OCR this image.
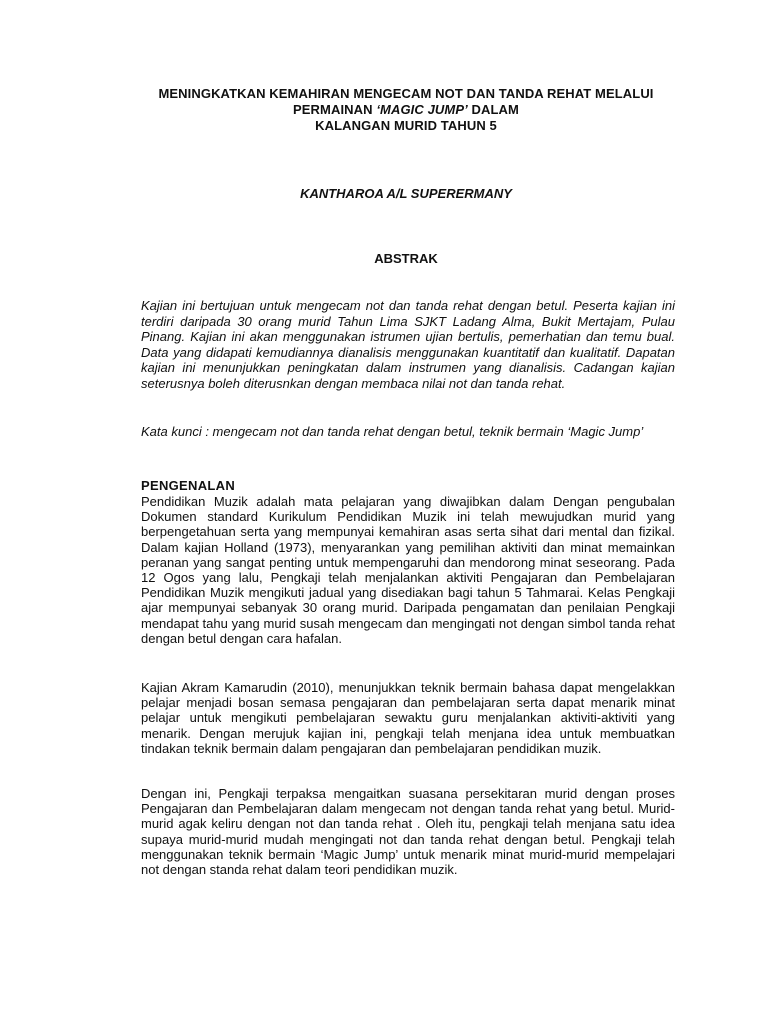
MENINGKATKAN KEMAHIRAN MENGECAM NOT DAN TANDA REHAT MELALUI
PERMAINAN ‘MAGIC JUMP’ DALAM
KALANGAN MURID TAHUN 5
KANTHAROA A/L SUPERERMANY
ABSTRAK

Kajian ini bertujuan untuk mengecam not dan tanda rehat dengan betul. Peserta kajian ini terdiri daripada 30 orang murid Tahun Lima SJKT Ladang Alma, Bukit Mertajam, Pulau Pinang. Kajian ini akan menggunakan istrumen ujian bertulis, pemerhatian dan temu bual. Data yang didapati kemudiannya dianalisis menggunakan kuantitatif dan kualitatif. Dapatan kajian ini menunjukkan peningkatan dalam instrumen yang dianalisis. Cadangan kajian seterusnya boleh diterusnkan dengan membaca nilai not dan tanda rehat.

Kata kunci : mengecam not dan tanda rehat dengan betul, teknik bermain ‘Magic Jump’

PENGENALAN

Pendidikan Muzik adalah mata pelajaran yang diwajibkan dalam Dengan pengubalan Dokumen standard Kurikulum Pendidikan Muzik ini telah mewujudkan murid yang berpengetahuan serta yang mempunyai kemahiran asas serta sihat dari mental dan fizikal. Dalam kajian Holland (1973), menyarankan yang pemilihan aktiviti dan minat memainkan peranan yang sangat penting untuk mempengaruhi dan mendorong minat seseorang. Pada 12 Ogos yang lalu, Pengkaji telah menjalankan aktiviti Pengajaran dan Pembelajaran Pendidikan Muzik mengikuti jadual yang disediakan bagi tahun 5 Tahmarai. Kelas Pengkaji ajar mempunyai sebanyak 30 orang murid. Daripada pengamatan dan penilaian Pengkaji mendapat tahu yang murid susah mengecam dan mengingati not dengan simbol tanda rehat dengan betul dengan cara hafalan.

Kajian Akram Kamarudin (2010), menunjukkan teknik bermain bahasa dapat mengelakkan pelajar menjadi bosan semasa pengajaran dan pembelajaran serta dapat menarik minat pelajar untuk mengikuti pembelajaran sewaktu guru menjalankan aktiviti-aktiviti yang menarik. Dengan merujuk kajian ini, pengkaji telah menjana idea untuk membuatkan tindakan teknik bermain dalam pengajaran dan pembelajaran pendidikan muzik.

Dengan ini, Pengkaji terpaksa mengaitkan suasana persekitaran murid dengan proses Pengajaran dan Pembelajaran dalam mengecam not dengan tanda rehat yang betul. Murid-murid agak keliru dengan not dan tanda rehat . Oleh itu, pengkaji telah menjana satu idea supaya murid-murid mudah mengingati not dan tanda rehat dengan betul. Pengkaji telah menggunakan teknik bermain ‘Magic Jump’ untuk menarik minat murid-murid mempelajari not dengan standa rehat dalam teori pendidikan muzik.
